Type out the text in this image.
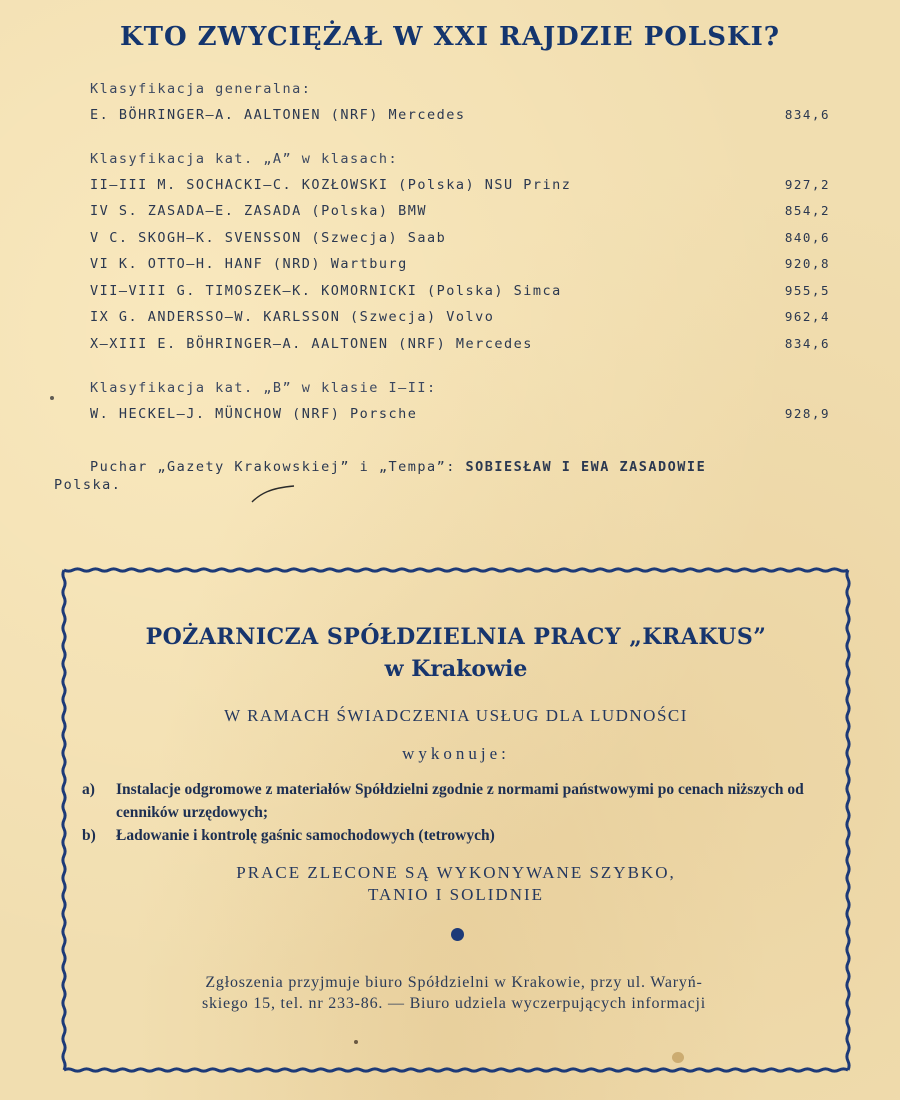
KTO ZWYCIĘŻAŁ W XXI RAJDZIE POLSKI?
Klasyfikacja generalna:
E. BÖHRINGER—A. AALTONEN (NRF) Mercedes	834,6
Klasyfikacja kat. „A” w klasach:
II—III M. SOCHACKI—C. KOZŁOWSKI (Polska) NSU Prinz	927,2
IV S. ZASADA—E. ZASADA (Polska) BMW	854,2
V C. SKOGH—K. SVENSSON (Szwecja) Saab	840,6
VI K. OTTO—H. HANF (NRD) Wartburg	920,8
VII—VIII G. TIMOSZEK—K. KOMORNICKI (Polska) Simca	955,5
IX G. ANDERSSO—W. KARLSSON (Szwecja) Volvo	962,4
X—XIII E. BÖHRINGER—A. AALTONEN (NRF) Mercedes	834,6
Klasyfikacja kat. „B” w klasie I—II:
W. HECKEL—J. MÜNCHOW (NRF) Porsche	928,9
Puchar „Gazety Krakowskiej” i „Tempa”: SOBIESŁAW I EWA ZASADOWIE
Polska.
POŻARNICZA SPÓŁDZIELNIA PRACY „KRAKUS”
w Krakowie
W RAMACH ŚWIADCZENIA USŁUG DLA LUDNOŚCI
wykonuje:
a)	Instalacje odgromowe z materiałów Spółdzielni zgodnie z normami państwowymi po cenach niższych od cenników urzędowych;
b)	Ładowanie i kontrolę gaśnic samochodowych (tetrowych)
PRACE ZLECONE SĄ WYKONYWANE SZYBKO,
TANIO I SOLIDNIE
Zgłoszenia przyjmuje biuro Spółdzielni w Krakowie, przy ul. Waryń-
skiego 15, tel. nr 233-86. — Biuro udziela wyczerpujących informacji
